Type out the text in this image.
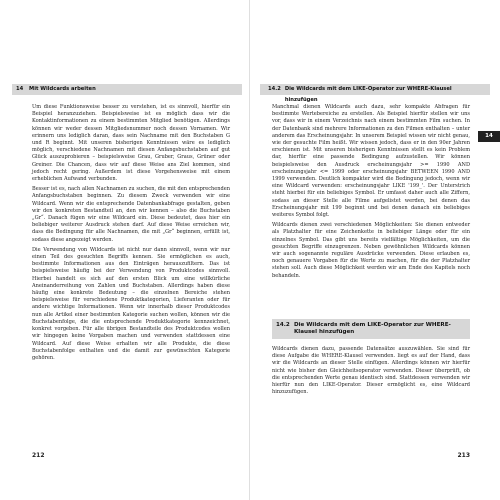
14 Mit Wildcards arbeiten

Um diese Funktionsweise besser zu verstehen, ist es sinnvoll, hierfür ein Beispiel heranzuziehen. Beispielsweise ist es möglich dass wir die Kontaktinformationen zu einem bestimmten Mitglied benötigen. Allerdings können wir weder dessen Mitgliedsnummer noch dessen Vornamen. Wir erinnern uns lediglich daran, dass sein Nachname mit den Buchstaben G und R beginnt. Mit unseren bisherigen Kenntnissen wäre es lediglich möglich, verschiedene Nachnamen mit diesen Anfangsbuchstaben auf gut Glück auszuprobieren – beispielsweise Grau, Gruber, Graus, Grüner oder Greiner. Die Chancen, dass wir auf diese Weise ans Ziel kommen, sind jedoch recht gering. Außerdem ist diese Vorgehensweise mit einem erheblichen Aufwand verbunden.

Besser ist es, nach allen Nachnamen zu suchen, die mit den entsprechenden Anfangsbuchstaben beginnen. Zu diesem Zweck verwenden wir eine Wildcard. Wenn wir die entsprechende Datenbankabfrage gestalten, geben wir den konkreten Bestandteil an, den wir kennen – also die Buchstaben „Gr“. Danach fügen wir eine Wildcard ein. Diese bedeutet, dass hier ein beliebiger weiterer Ausdruck stehen darf. Auf diese Weise erreichen wir, dass die Bedingung für alle Nachnamen, die mit „Gr“ beginnen, erfüllt ist, sodass diese angezeigt werden.

Die Verwendung von Wildcards ist nicht nur dann sinnvoll, wenn wir nur einen Teil des gesuchten Begriffs kennen. Sie ermöglichen es auch, bestimmte Informationen aus den Einträgen herauszufiltern. Das ist beispielsweise häufig bei der Verwendung von Produktcodes sinnvoll. Hierbei handelt es sich auf den ersten Blick um eine willkürliche Aneinanderreihung von Zahlen und Buchstaben. Allerdings haben diese häufig eine konkrete Bedeutung – die einzelnen Bereiche stehen beispielsweise für verschiedene Produktkategorien, Lieferanten oder für andere wichtige Informationen. Wenn wir innerhalb dieser Produktcodes nun alle Artikel einer bestimmten Kategorie suchen wollen, können wir die Buchstabenfolge, die die entsprechende Produktkategorie kennzeichnet, konkret vorgeben. Für alle übrigen Bestandteile des Produktcodes wollen wir hingegen keine Vorgaben machen und verwenden stattdessen eine Wildcard. Auf diese Weise erhalten wir alle Produkte, die diese Buchstabenfolge enthalten und die damit zur gewünschten Kategorie gehören.

212
14.2 Die Wildcards mit dem LIKE-Operator zur WHERE-Klausel hinzufügen

Manchmal dienen Wildcards auch dazu, sehr kompakte Abfragen für bestimmte Wertebereiche zu erstellen. Als Beispiel hierfür stellen wir uns vor, dass wir in einem Verzeichnis nach einem bestimmten Film suchen. In der Datenbank sind mehrere Informationen zu den Filmen enthalten – unter anderem das Erscheinungsjahr. In unserem Beispiel wissen wir nicht genau, wie der gesuchte Film heißt. Wir wissen jedoch, dass er in den 90er Jahren erschienen ist. Mit unseren bisherigen Kenntnissen stellt es kein Problem dar, hierfür eine passende Bedingung aufzustellen. Wir können beispielsweise den Ausdruck erscheinungsjahr >= 1990 AND erscheinungsjahr <= 1999 oder erscheinungsjahr BETWEEN 1990 AND 1999 verwenden. Deutlich kompakter wird die Bedingung jedoch, wenn wir eine Wildcard verwenden: erscheinungsjahr LIKE '199_'. Der Unterstrich steht hierbei für ein beliebiges Symbol. Er umfasst daher auch alle Ziffern, sodass an dieser Stelle alle Filme aufgelistet werden, bei denen das Erscheinungsjahr mit 199 beginnt und bei denen danach ein beliebiges weiteres Symbol folgt.

Wildcards dienen zwei verschiedenen Möglichkeiten: Sie dienen entweder als Platzhalter für eine Zeichenkette in beliebiger Länge oder für ein einzelnes Symbol. Das gibt uns bereits vielfältige Möglichkeiten, um die gesuchten Begriffe einzugrenzen. Neben gewöhnlichen Wildcards können wir auch sogenannte reguläre Ausdrücke verwenden. Diese erlauben es, noch genauere Vorgaben für die Werte zu machen, für die der Platzhalter stehen soll. Auch diese Möglichkeit werden wir am Ende des Kapitels noch behandeln.

213
14
14.2 Die Wildcards mit dem LIKE-Operator zur WHERE-Klausel hinzufügen

Wildcards dienen dazu, passende Datensätze auszuwählen. Sie sind für diese Aufgabe die WHERE-Klausel verwenden. liegt es auf der Hand, dass wir die Wildcards an dieser Stelle einfügen. Allerdings können wir hierfür nicht wie bisher den Gleichheitsoperator verwenden. Dieser überprüft, ob die entsprechenden Werte genau identisch sind. Stattdessen verwenden wir hierfür nun den LIKE-Operator. Dieser ermöglicht es, eine Wildcard hinzuzufügen.
